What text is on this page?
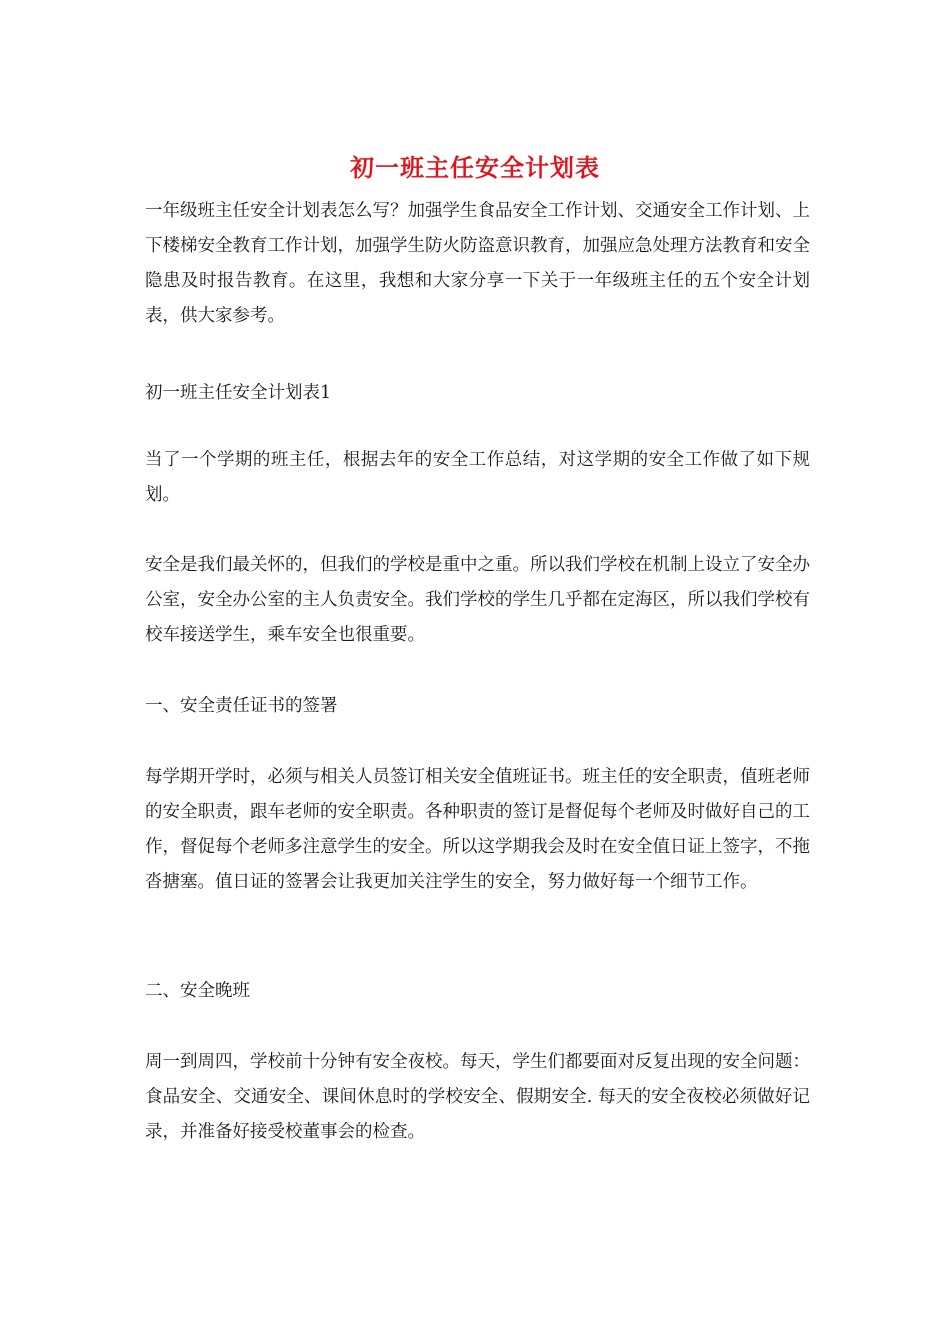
初一班主任安全计划表

一年级班主任安全计划表怎么写？加强学生食品安全工作计划、交通安全工作计划、上下楼梯安全教育工作计划，加强学生防火防盗意识教育，加强应急处理方法教育和安全隐患及时报告教育。在这里，我想和大家分享一下关于一年级班主任的五个安全计划表，供大家参考。

初一班主任安全计划表1

当了一个学期的班主任，根据去年的安全工作总结，对这学期的安全工作做了如下规划。

安全是我们最关怀的，但我们的学校是重中之重。所以我们学校在机制上设立了安全办公室，安全办公室的主人负责安全。我们学校的学生几乎都在定海区，所以我们学校有校车接送学生，乘车安全也很重要。

一、安全责任证书的签署

每学期开学时，必须与相关人员签订相关安全值班证书。班主任的安全职责，值班老师的安全职责，跟车老师的安全职责。各种职责的签订是督促每个老师及时做好自己的工作，督促每个老师多注意学生的安全。所以这学期我会及时在安全值日证上签字，不拖沓搪塞。值日证的签署会让我更加关注学生的安全，努力做好每一个细节工作。

二、安全晚班

周一到周四，学校前十分钟有安全夜校。每天，学生们都要面对反复出现的安全问题：食品安全、交通安全、课间休息时的学校安全、假期安全. 每天的安全夜校必须做好记录，并准备好接受校董事会的检查。
